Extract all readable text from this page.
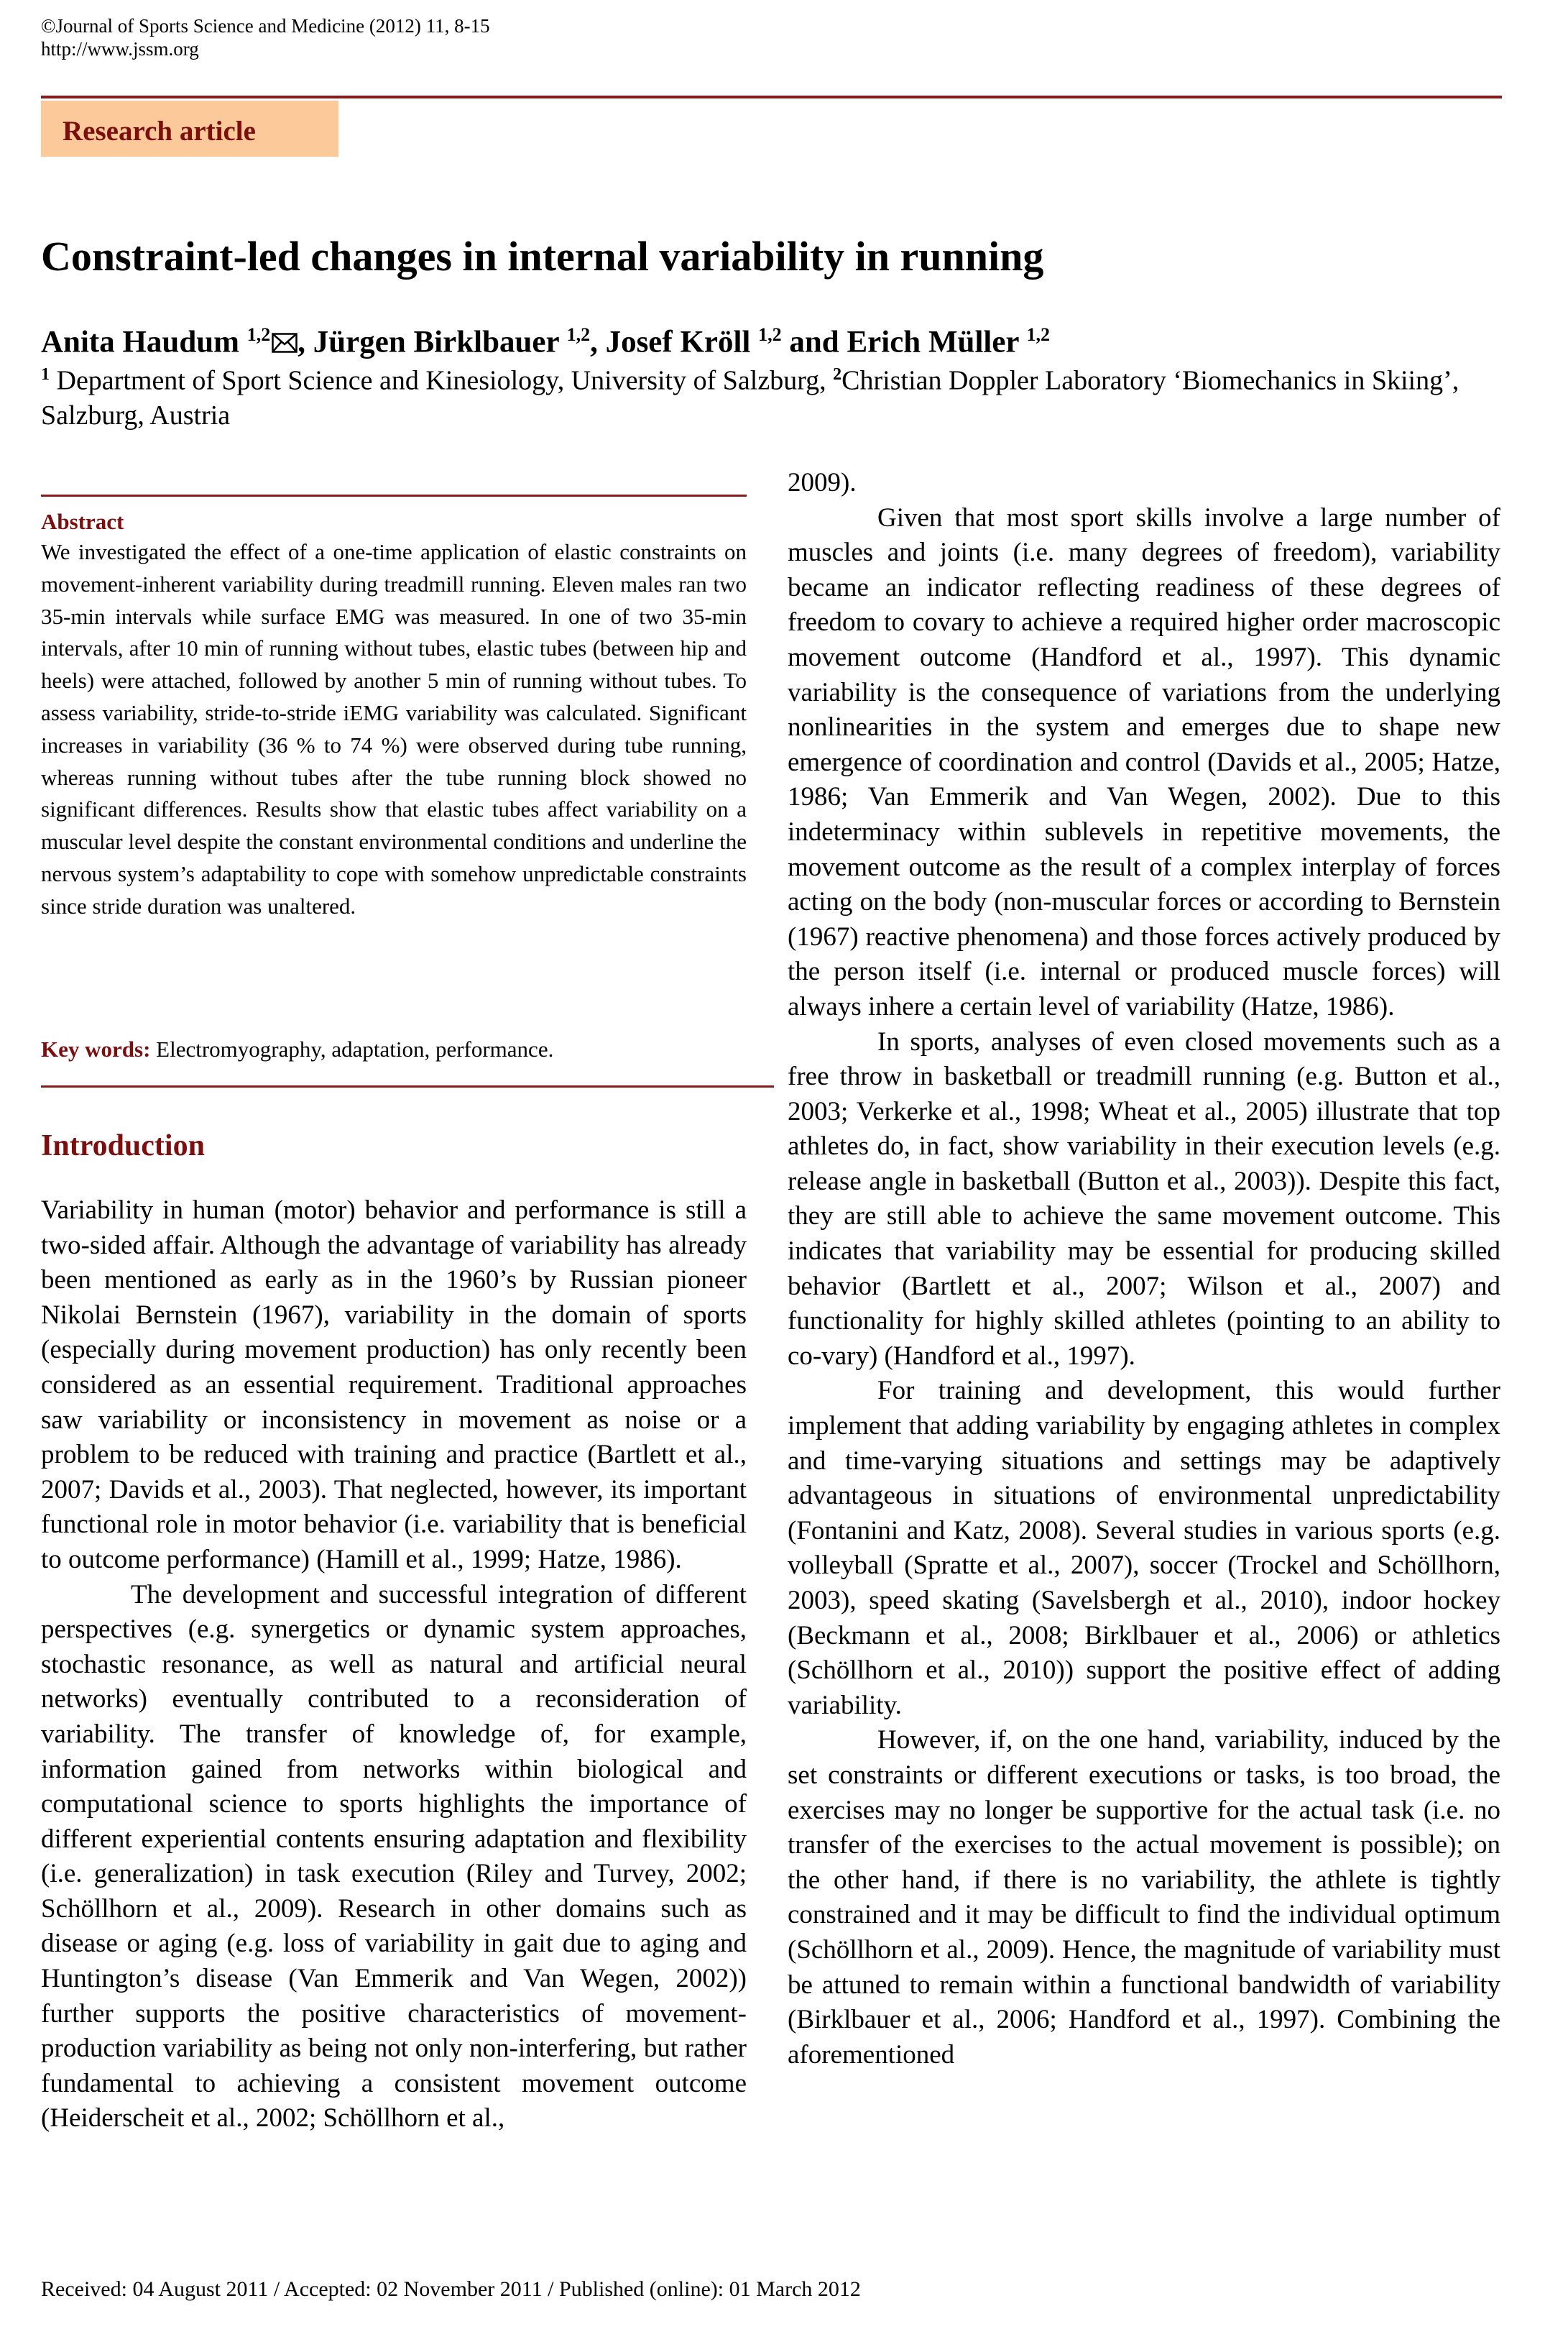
©Journal of Sports Science and Medicine (2012) 11, 8-15
http://www.jssm.org
Research article
Constraint-led changes in internal variability in running
Anita Haudum $^{1,2}$ , Jürgen Birklbauer $^{1,2}$, Josef Kröll $^{1,2}$ and Erich Müller $^{1,2}$
$^1$ Department of Sport Science and Kinesiology, University of Salzburg, $^2$Christian Doppler Laboratory ‘Biomechanics in Skiing’, Salzburg, Austria
Abstract
We investigated the effect of a one-time application of elastic constraints on movement-inherent variability during treadmill running. Eleven males ran two 35-min intervals while surface EMG was measured. In one of two 35-min intervals, after 10 min of running without tubes, elastic tubes (between hip and heels) were attached, followed by another 5 min of running without tubes. To assess variability, stride-to-stride iEMG variability was calculated. Significant increases in variability (36 % to 74 %) were observed during tube running, whereas running without tubes after the tube running block showed no significant differences. Results show that elastic tubes affect variability on a muscular level despite the constant environmental conditions and underline the nervous system’s adaptability to cope with somehow unpredictable constraints since stride duration was unaltered.
Key words: Electromyography, adaptation, performance.
Introduction

Variability in human (motor) behavior and performance is still a two-sided affair. Although the advantage of variability has already been mentioned as early as in the 1960’s by Russian pioneer Nikolai Bernstein (1967), variability in the domain of sports (especially during movement production) has only recently been considered as an essential requirement. Traditional approaches saw variability or inconsistency in movement as noise or a problem to be reduced with training and practice (Bartlett et al., 2007; Davids et al., 2003). That neglected, however, its important functional role in motor behavior (i.e. variability that is beneficial to outcome performance) (Hamill et al., 1999; Hatze, 1986).

The development and successful integration of different perspectives (e.g. synergetics or dynamic system approaches, stochastic resonance, as well as natural and artificial neural networks) eventually contributed to a reconsideration of variability. The transfer of knowledge of, for example, information gained from networks within biological and computational science to sports highlights the importance of different experiential contents ensuring adaptation and flexibility (i.e. generalization) in task execution (Riley and Turvey, 2002; Schöllhorn et al., 2009). Research in other domains such as disease or aging (e.g. loss of variability in gait due to aging and Huntington’s disease (Van Emmerik and Van Wegen, 2002)) further supports the positive characteristics of movement-production variability as being not only non-interfering, but rather fundamental to achieving a consistent movement outcome (Heiderscheit et al., 2002; Schöllhorn et al.,

2009).

Given that most sport skills involve a large number of muscles and joints (i.e. many degrees of freedom), variability became an indicator reflecting readiness of these degrees of freedom to covary to achieve a required higher order macroscopic movement outcome (Handford et al., 1997). This dynamic variability is the consequence of variations from the underlying nonlinearities in the system and emerges due to shape new emergence of coordination and control (Davids et al., 2005; Hatze, 1986; Van Emmerik and Van Wegen, 2002). Due to this indeterminacy within sublevels in repetitive movements, the movement outcome as the result of a complex interplay of forces acting on the body (non-muscular forces or according to Bernstein (1967) reactive phenomena) and those forces actively produced by the person itself (i.e. internal or produced muscle forces) will always inhere a certain level of variability (Hatze, 1986).

In sports, analyses of even closed movements such as a free throw in basketball or treadmill running (e.g. Button et al., 2003; Verkerke et al., 1998; Wheat et al., 2005) illustrate that top athletes do, in fact, show variability in their execution levels (e.g. release angle in basketball (Button et al., 2003)). Despite this fact, they are still able to achieve the same movement outcome. This indicates that variability may be essential for producing skilled behavior (Bartlett et al., 2007; Wilson et al., 2007) and functionality for highly skilled athletes (pointing to an ability to co-vary) (Handford et al., 1997).

For training and development, this would further implement that adding variability by engaging athletes in complex and time-varying situations and settings may be adaptively advantageous in situations of environmental unpredictability (Fontanini and Katz, 2008). Several studies in various sports (e.g. volleyball (Spratte et al., 2007), soccer (Trockel and Schöllhorn, 2003), speed skating (Savelsbergh et al., 2010), indoor hockey (Beckmann et al., 2008; Birklbauer et al., 2006) or athletics (Schöllhorn et al., 2010)) support the positive effect of adding variability.

However, if, on the one hand, variability, induced by the set constraints or different executions or tasks, is too broad, the exercises may no longer be supportive for the actual task (i.e. no transfer of the exercises to the actual movement is possible); on the other hand, if there is no variability, the athlete is tightly constrained and it may be difficult to find the individual optimum (Schöllhorn et al., 2009). Hence, the magnitude of variability must be attuned to remain within a functional bandwidth of variability (Birklbauer et al., 2006; Handford et al., 1997). Combining the aforementioned

Received: 04 August 2011 / Accepted: 02 November 2011 / Published (online): 01 March 2012
